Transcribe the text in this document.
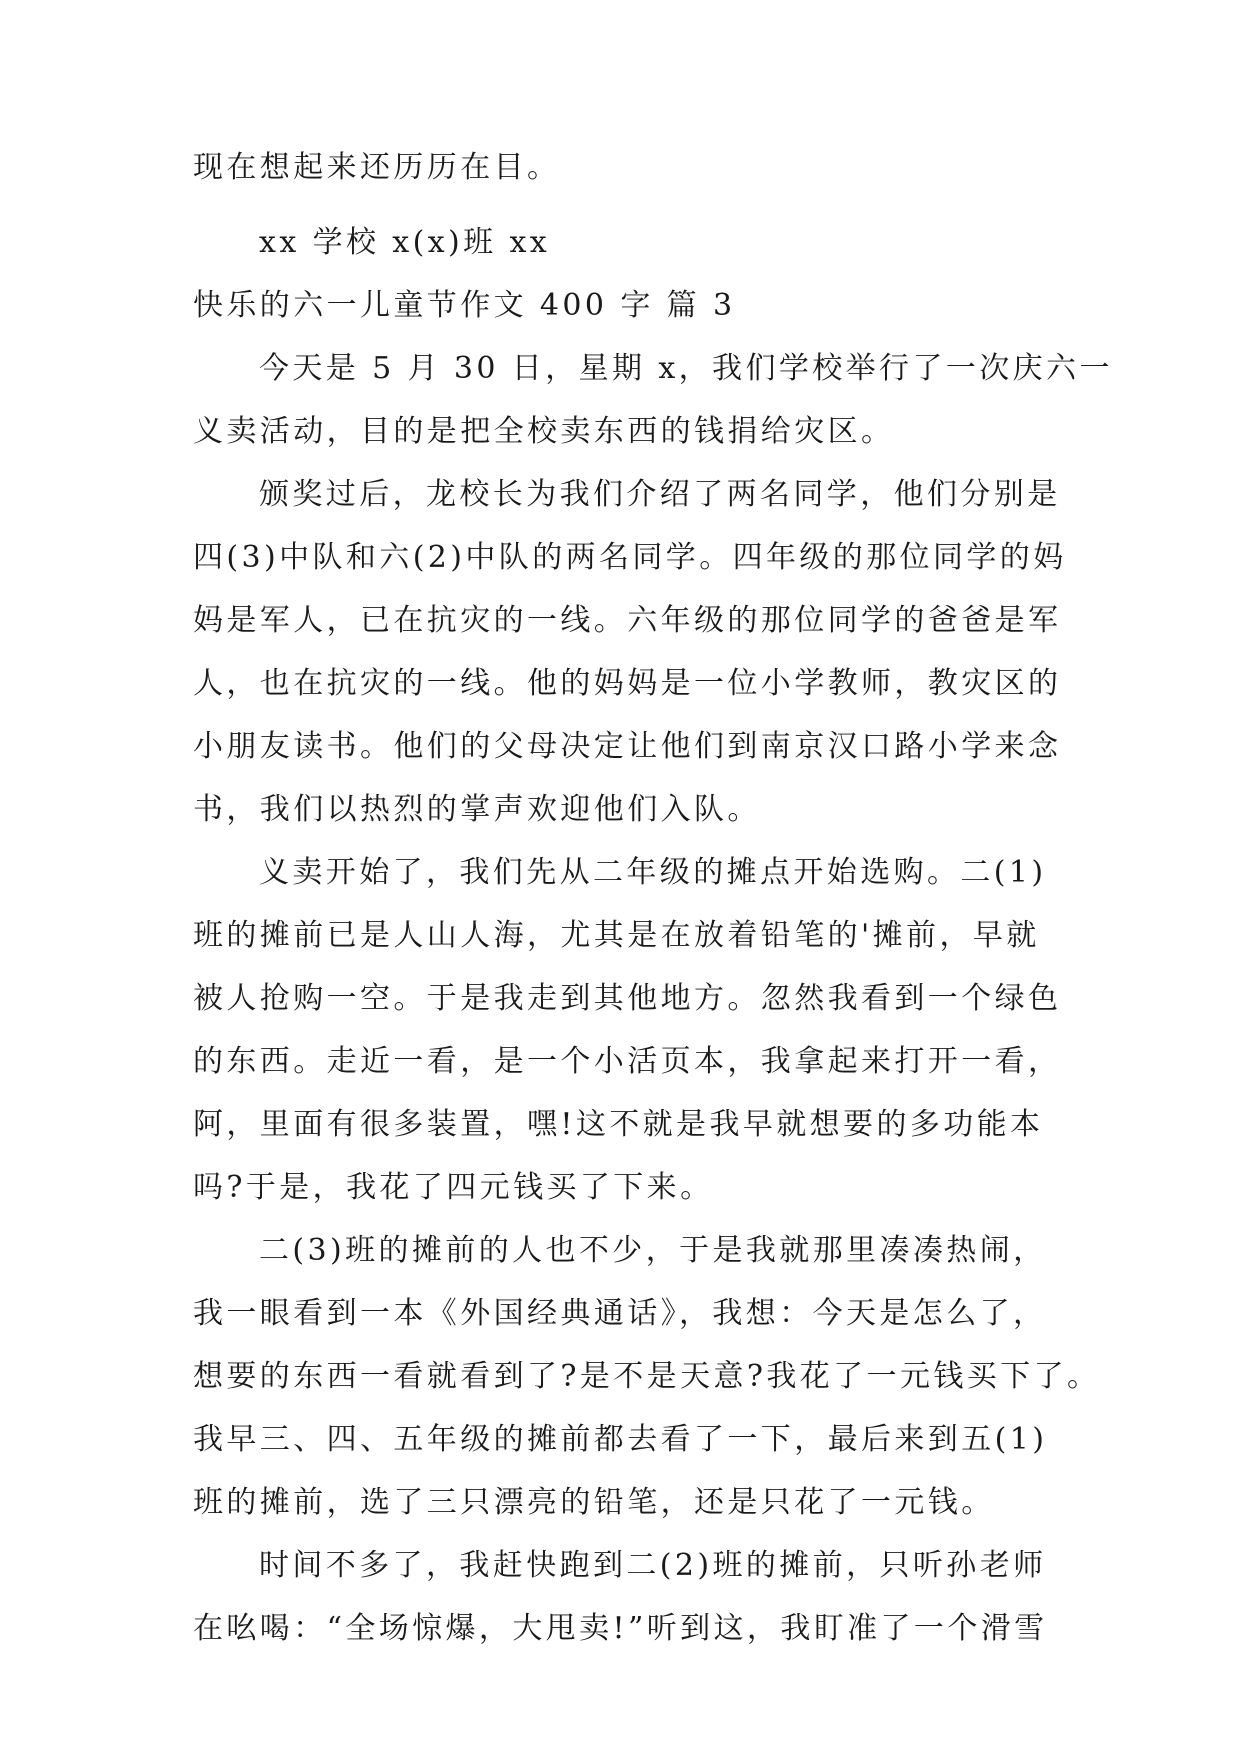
现在想起来还历历在目。
xx 学校 x(x)班 xx
快乐的六一儿童节作文 400 字 篇 3
今天是 5 月 30 日，星期 x，我们学校举行了一次庆六一
义卖活动，目的是把全校卖东西的钱捐给灾区。
颁奖过后，龙校长为我们介绍了两名同学，他们分别是
四(3)中队和六(2)中队的两名同学。四年级的那位同学的妈
妈是军人，已在抗灾的一线。六年级的那位同学的爸爸是军
人，也在抗灾的一线。他的妈妈是一位小学教师，教灾区的
小朋友读书。他们的父母决定让他们到南京汉口路小学来念
书，我们以热烈的掌声欢迎他们入队。
义卖开始了，我们先从二年级的摊点开始选购。二(1)
班的摊前已是人山人海，尤其是在放着铅笔的'摊前，早就
被人抢购一空。于是我走到其他地方。忽然我看到一个绿色
的东西。走近一看，是一个小活页本，我拿起来打开一看，
阿，里面有很多装置，嘿!这不就是我早就想要的多功能本
吗?于是，我花了四元钱买了下来。
二(3)班的摊前的人也不少，于是我就那里凑凑热闹，
我一眼看到一本《外国经典通话》，我想：今天是怎么了，
想要的东西一看就看到了?是不是天意?我花了一元钱买下了。
我早三、四、五年级的摊前都去看了一下，最后来到五(1)
班的摊前，选了三只漂亮的铅笔，还是只花了一元钱。
时间不多了，我赶快跑到二(2)班的摊前，只听孙老师
在吆喝：“全场惊爆，大甩卖!”听到这，我盯准了一个滑雪
